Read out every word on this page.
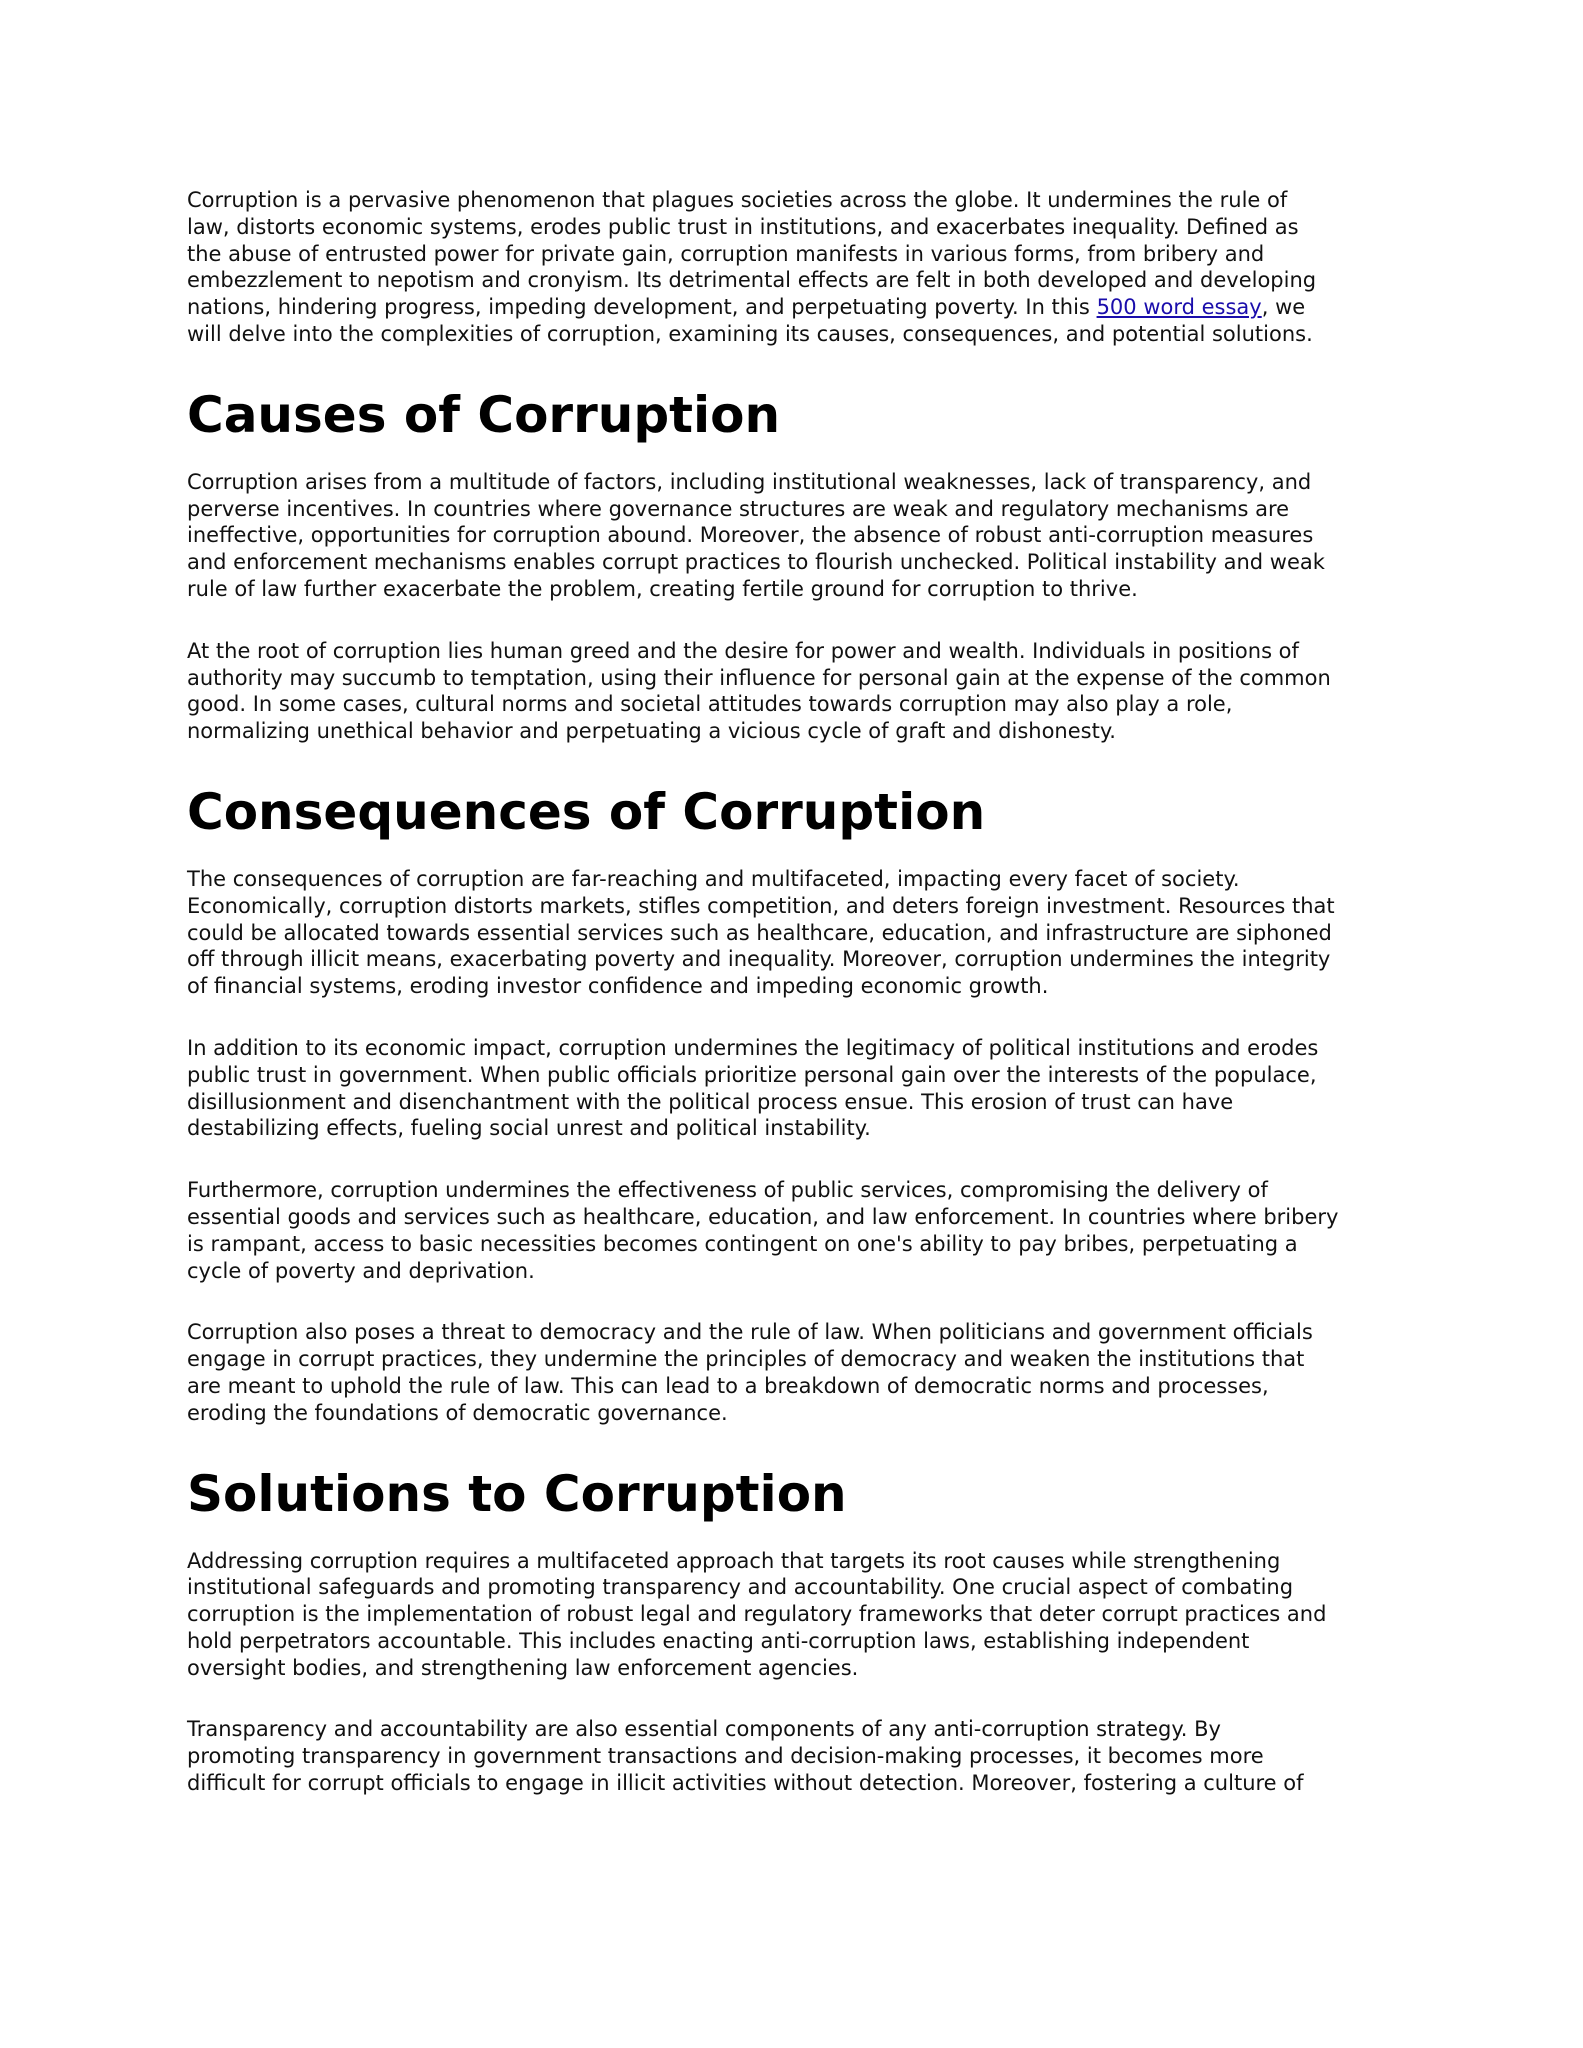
Corruption is a pervasive phenomenon that plagues societies across the globe. It undermines the rule of
law, distorts economic systems, erodes public trust in institutions, and exacerbates inequality. Defined as
the abuse of entrusted power for private gain, corruption manifests in various forms, from bribery and
embezzlement to nepotism and cronyism. Its detrimental effects are felt in both developed and developing
nations, hindering progress, impeding development, and perpetuating poverty. In this 500 word essay, we
will delve into the complexities of corruption, examining its causes, consequences, and potential solutions.

Causes of Corruption

Corruption arises from a multitude of factors, including institutional weaknesses, lack of transparency, and
perverse incentives. In countries where governance structures are weak and regulatory mechanisms are
ineffective, opportunities for corruption abound. Moreover, the absence of robust anti-corruption measures
and enforcement mechanisms enables corrupt practices to flourish unchecked. Political instability and weak
rule of law further exacerbate the problem, creating fertile ground for corruption to thrive.

At the root of corruption lies human greed and the desire for power and wealth. Individuals in positions of
authority may succumb to temptation, using their influence for personal gain at the expense of the common
good. In some cases, cultural norms and societal attitudes towards corruption may also play a role,
normalizing unethical behavior and perpetuating a vicious cycle of graft and dishonesty.

Consequences of Corruption

The consequences of corruption are far-reaching and multifaceted, impacting every facet of society.
Economically, corruption distorts markets, stifles competition, and deters foreign investment. Resources that
could be allocated towards essential services such as healthcare, education, and infrastructure are siphoned
off through illicit means, exacerbating poverty and inequality. Moreover, corruption undermines the integrity
of financial systems, eroding investor confidence and impeding economic growth.

In addition to its economic impact, corruption undermines the legitimacy of political institutions and erodes
public trust in government. When public officials prioritize personal gain over the interests of the populace,
disillusionment and disenchantment with the political process ensue. This erosion of trust can have
destabilizing effects, fueling social unrest and political instability.

Furthermore, corruption undermines the effectiveness of public services, compromising the delivery of
essential goods and services such as healthcare, education, and law enforcement. In countries where bribery
is rampant, access to basic necessities becomes contingent on one's ability to pay bribes, perpetuating a
cycle of poverty and deprivation.

Corruption also poses a threat to democracy and the rule of law. When politicians and government officials
engage in corrupt practices, they undermine the principles of democracy and weaken the institutions that
are meant to uphold the rule of law. This can lead to a breakdown of democratic norms and processes,
eroding the foundations of democratic governance.

Solutions to Corruption

Addressing corruption requires a multifaceted approach that targets its root causes while strengthening
institutional safeguards and promoting transparency and accountability. One crucial aspect of combating
corruption is the implementation of robust legal and regulatory frameworks that deter corrupt practices and
hold perpetrators accountable. This includes enacting anti-corruption laws, establishing independent
oversight bodies, and strengthening law enforcement agencies.

Transparency and accountability are also essential components of any anti-corruption strategy. By
promoting transparency in government transactions and decision-making processes, it becomes more
difficult for corrupt officials to engage in illicit activities without detection. Moreover, fostering a culture of
